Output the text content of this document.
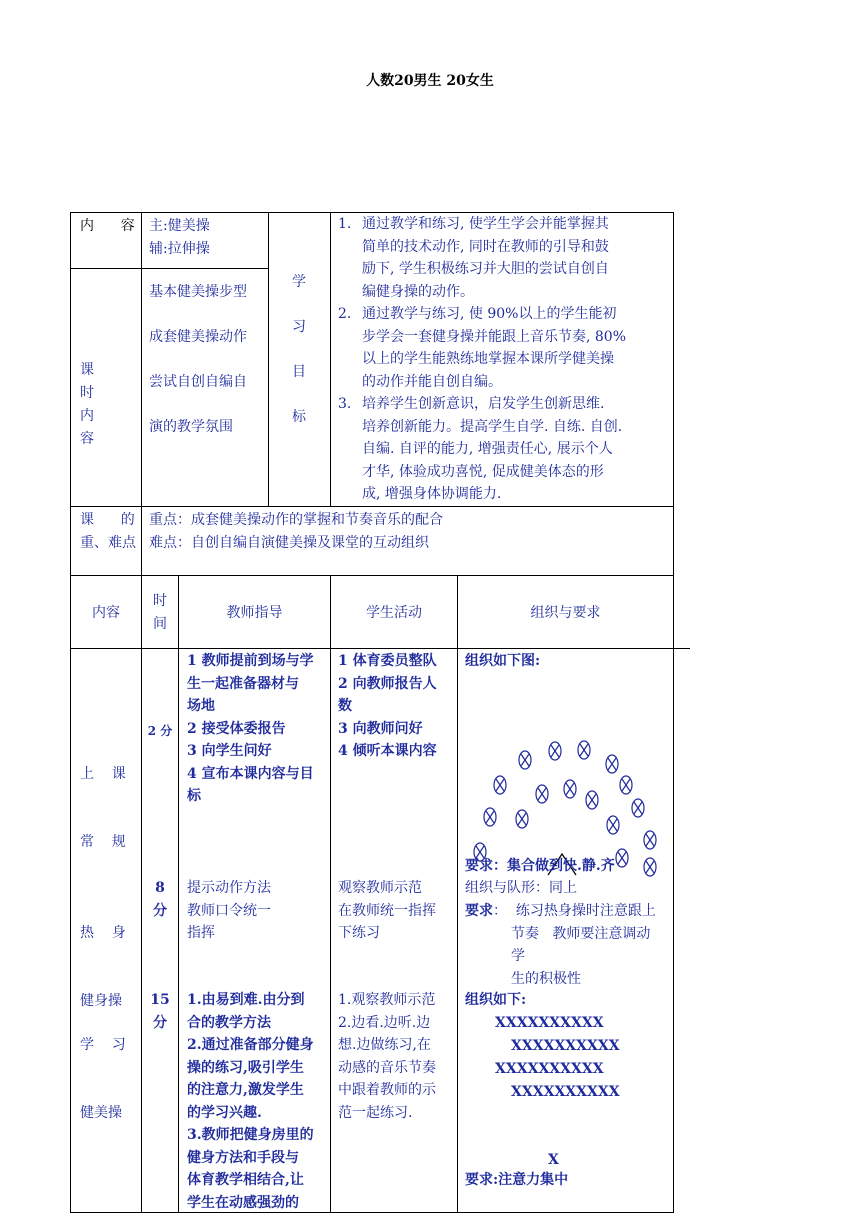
人数20男生 20女生
内      容 主:健美操
辅:拉伸操
课
时
内
容
基本健美操步型
成套健美操动作
尝试自创自编自
演的教学氛围
学
习
目
标
1. 通过教学和练习, 使学生学会并能掌握其
简单的技术动作, 同时在教师的引导和鼓
励下, 学生积极练习并大胆的尝试自创自
编健身操的动作。
2. 通过教学与练习, 使 90%以上的学生能初
步学会一套健身操并能跟上音乐节奏, 80%
以上的学生能熟练地掌握本课所学健美操
的动作并能自创自编。
3. 培养学生创新意识，启发学生创新思维.
培养创新能力。提高学生自学. 自练. 自创.
自编. 自评的能力, 增强责任心, 展示个人
才华, 体验成功喜悦, 促成健美体态的形
成, 增强身体协调能力.
课      的
重、难点
重点：成套健美操动作的掌握和节奏音乐的配合
难点：自创自编自演健美操及课堂的互动组织
内容
时
间
教师指导	学生活动	组织与要求

上    课

常    规

2 分
1 教师提前到场与学
生一起准备器材与
场地
2 接受体委报告
3 向学生问好
4 宣布本课内容与目
标
1 体育委员整队
2 向教师报告人
数
3 向教师问好
4 倾听本课内容
组织如下图:
要求：集合做到快.静.齐

热    身

健身操

8
分
提示动作方法
教师口令统一
指挥
观察教师示范
在教师统一指挥
下练习
组织与队形：同上
要求：  练习热身操时注意跟上
节奏   教师要注意调动
学
生的积极性

学    习

健美操

15
分
1.由易到难.由分到
合的教学方法
2.通过准备部分健身
操的练习,吸引学生
的注意力,激发学生
的学习兴趣.
3.教师把健身房里的
健身方法和手段与
体育教学相结合,让
学生在动感强劲的
1.观察教师示范
2.边看.边听.边
想.边做练习,在
动感的音乐节奏
中跟着教师的示
范一起练习.
组织如下:
XXXXXXXXXX
XXXXXXXXXX
XXXXXXXXXX
XXXXXXXXXX
X
要求:注意力集中
